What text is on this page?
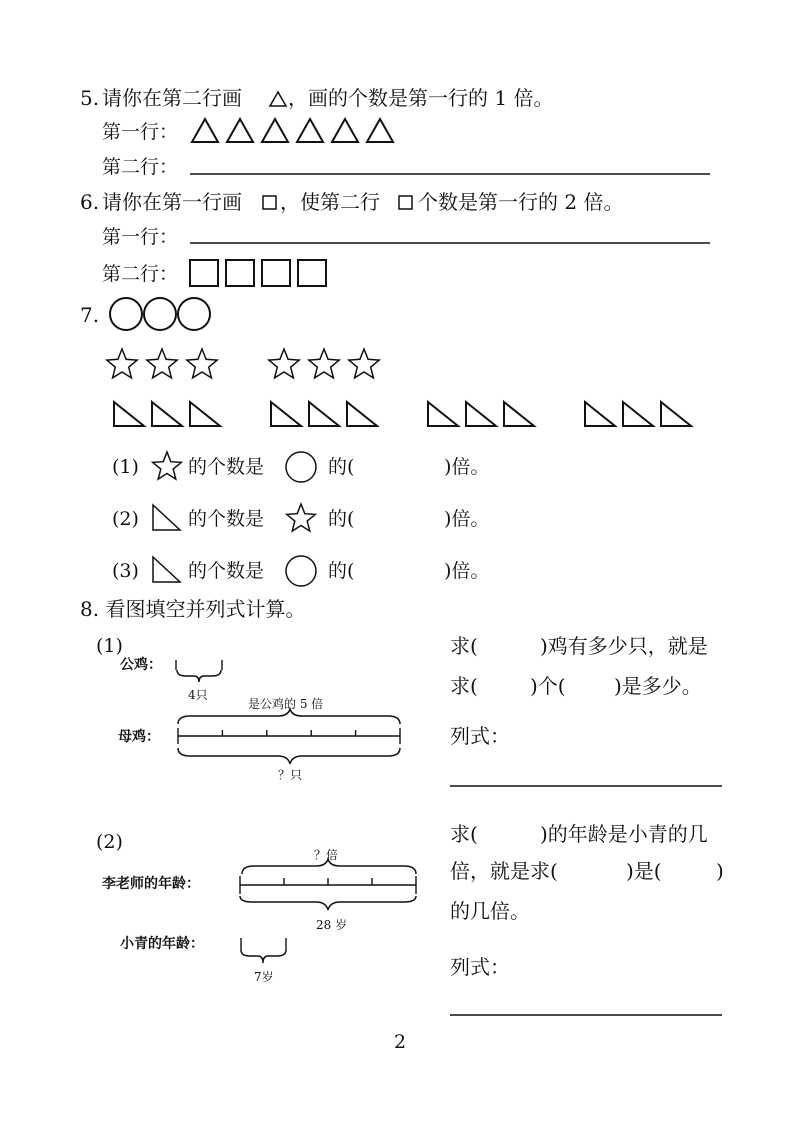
5. 请你在第二行画 ，画的个数是第一行的 1 倍。
第一行：
第二行：
6. 请你在第一行画 ，使第二行 个数是第一行的 2 倍。
第一行：
第二行：
7.
(1)	的个数是	的(	)倍。
(2)	的个数是	的(	)倍。
(3)	的个数是	的(	)倍。
8. 看图填空并列式计算。
(1)
公鸡：
4只
是公鸡的 5 倍
母鸡：
？只
求(	)鸡有多少只，就是
求(	)个( )是多少。
列式：
(2)
？倍
李老师的年龄：
28 岁
小青的年龄：
7岁
求(	)的年龄是小青的几
倍，就是求(	)是(	)
的几倍。
列式：
2
